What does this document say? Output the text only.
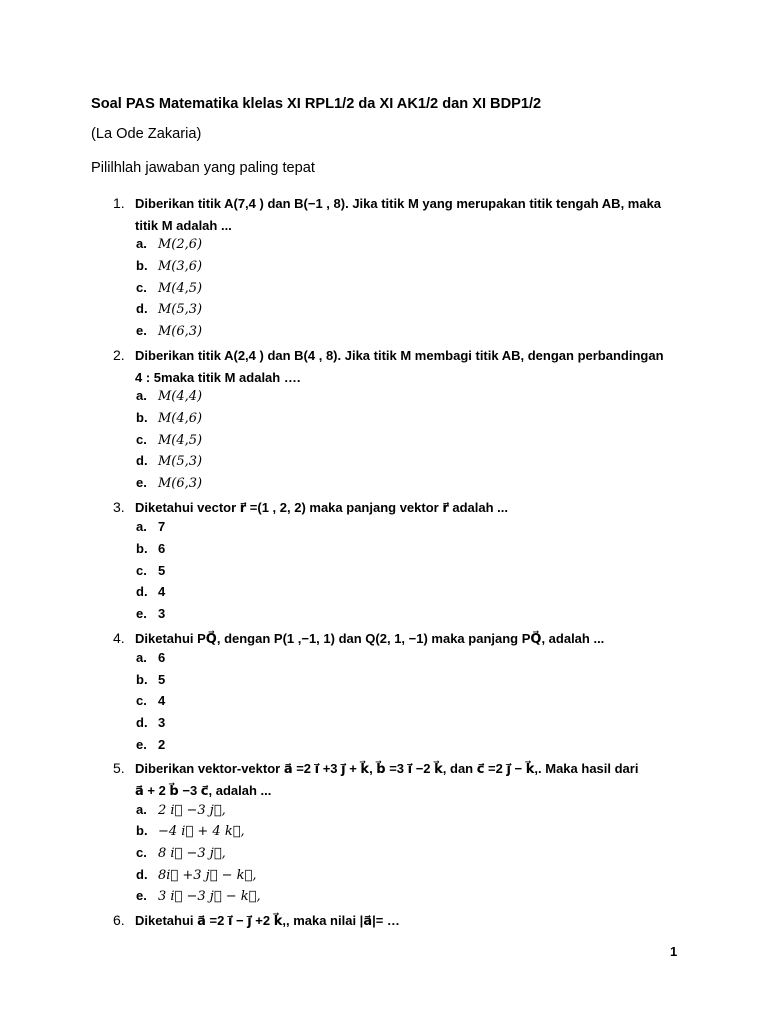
Soal PAS Matematika klelas XI RPL1/2 da XI AK1/2 dan XI BDP1/2
(La Ode Zakaria)
Pililhlah jawaban yang paling tepat
1. Diberikan titik A(7,4 ) dan B(−1 , 8). Jika titik M yang merupakan titik tengah AB, maka
titik M adalah ...
a. M(2,6)
b. M(3,6)
c. M(4,5)
d. M(5,3)
e. M(6,3)
2. Diberikan titik A(2,4 ) dan B(4 , 8). Jika titik M membagi titik AB, dengan perbandingan
4 : 5maka titik M adalah ….
a. M(4,4)
b. M(4,6)
c. M(4,5)
d. M(5,3)
e. M(6,3)
3. Diketahui vector r⃗ =(1 , 2, 2) maka panjang vektor r⃗ adalah ...
a. 7
b. 6
c. 5
d. 4
e. 3
4. Diketahui PQ⃗, dengan P(1 ,−1, 1) dan Q(2, 1, −1) maka panjang PQ⃗, adalah ...
a. 6
b. 5
c. 4
d. 3
e. 2
5. Diberikan vektor-vektor a⃗ =2 i⃗ +3 j⃗ + k⃗, b⃗ =3 i⃗ −2 k⃗, dan c⃗ =2 j⃗ − k⃗,. Maka hasil dari
a⃗ + 2 b⃗ −3 c⃗, adalah ...
a. 2 i⃗ −3 j⃗,
b. −4 i⃗ + 4 k⃗,
c. 8 i⃗ −3 j⃗,
d. 8i⃗ +3 j⃗ − k⃗,
e. 3 i⃗ −3 j⃗ − k⃗,
6. Diketahui a⃗ =2 i⃗ − j⃗ +2 k⃗,, maka nilai |a⃗|= …
1
